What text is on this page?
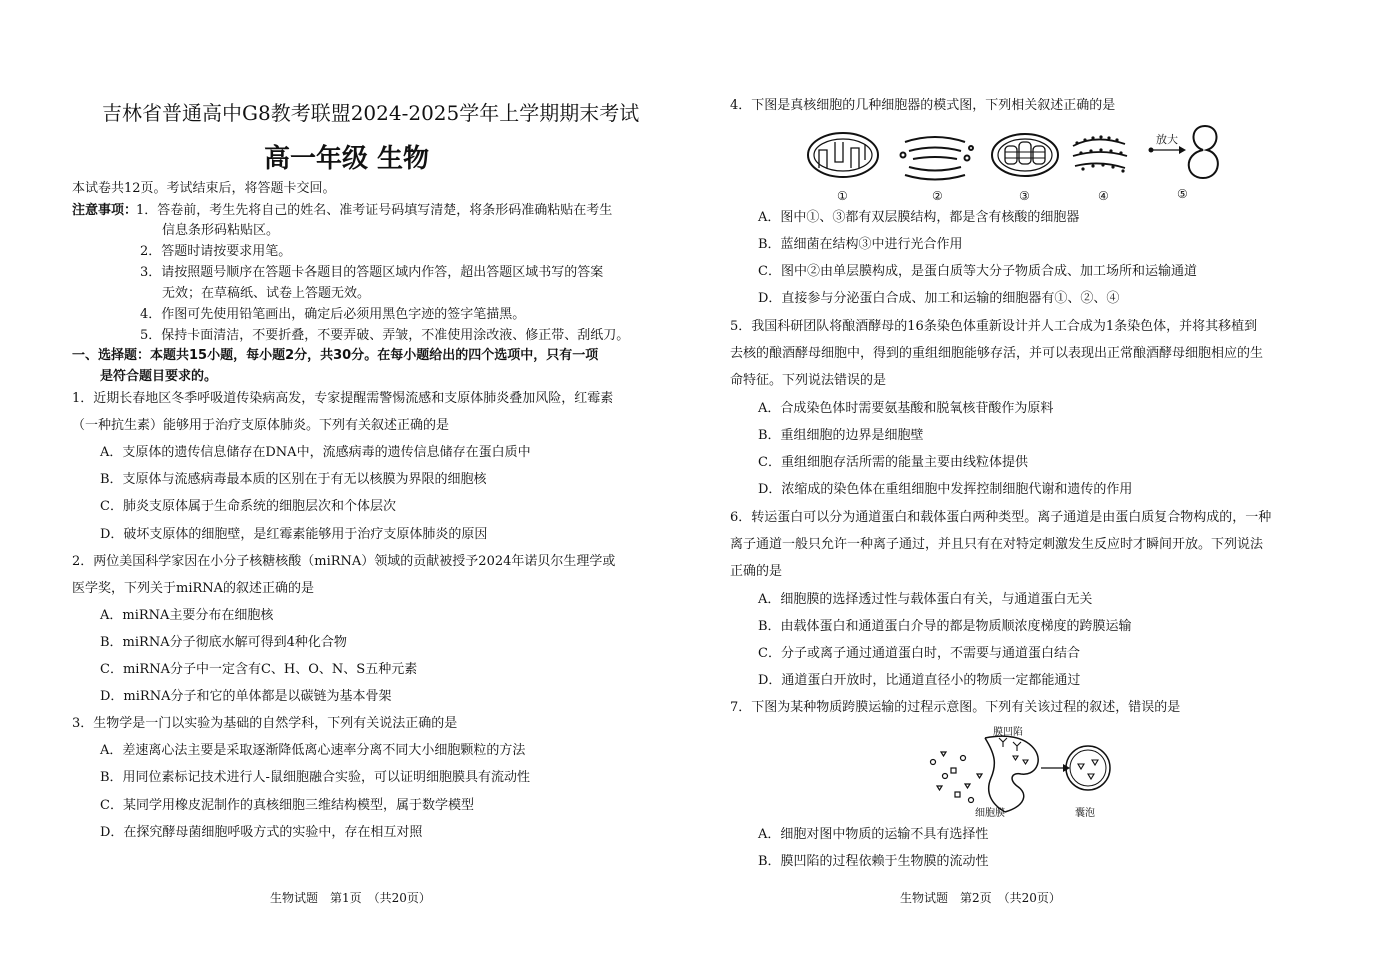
吉林省普通高中G8教考联盟2024-2025学年上学期期末考试
高一年级 生物
本试卷共12页。考试结束后，将答题卡交回。
注意事项：
1．答卷前，考生先将自己的姓名、准考证号码填写清楚，将条形码准确粘贴在考生
信息条形码粘贴区。
2．答题时请按要求用笔。
3．请按照题号顺序在答题卡各题目的答题区域内作答，超出答题区域书写的答案
无效；在草稿纸、试卷上答题无效。
4．作图可先使用铅笔画出，确定后必须用黑色字迹的签字笔描黑。
5．保持卡面清洁，不要折叠，不要弄破、弄皱，不准使用涂改液、修正带、刮纸刀。
一、选择题：本题共15小题，每小题2分，共30分。在每小题给出的四个选项中，只有一项
是符合题目要求的。
1．近期长春地区冬季呼吸道传染病高发，专家提醒需警惕流感和支原体肺炎叠加风险，红霉素
（一种抗生素）能够用于治疗支原体肺炎。下列有关叙述正确的是
A．支原体的遗传信息储存在DNA中，流感病毒的遗传信息储存在蛋白质中
B．支原体与流感病毒最本质的区别在于有无以核膜为界限的细胞核
C．肺炎支原体属于生命系统的细胞层次和个体层次
D．破坏支原体的细胞壁，是红霉素能够用于治疗支原体肺炎的原因
2．两位美国科学家因在小分子核糖核酸（miRNA）领域的贡献被授予2024年诺贝尔生理学或
医学奖，下列关于miRNA的叙述正确的是
A．miRNA主要分布在细胞核
B．miRNA分子彻底水解可得到4种化合物
C．miRNA分子中一定含有C、H、O、N、S五种元素
D．miRNA分子和它的单体都是以碳链为基本骨架
3．生物学是一门以实验为基础的自然学科，下列有关说法正确的是
A．差速离心法主要是采取逐渐降低离心速率分离不同大小细胞颗粒的方法
B．用同位素标记技术进行人-鼠细胞融合实验，可以证明细胞膜具有流动性
C．某同学用橡皮泥制作的真核细胞三维结构模型，属于数学模型
D．在探究酵母菌细胞呼吸方式的实验中，存在相互对照
生物试题　第1页　（共20页）
4．下图是真核细胞的几种细胞器的模式图，下列相关叙述正确的是
放大
①	②	③	④	⑤
A．图中①、③都有双层膜结构，都是含有核酸的细胞器
B．蓝细菌在结构③中进行光合作用
C．图中②由单层膜构成，是蛋白质等大分子物质合成、加工场所和运输通道
D．直接参与分泌蛋白合成、加工和运输的细胞器有①、②、④
5．我国科研团队将酿酒酵母的16条染色体重新设计并人工合成为1条染色体，并将其移植到
去核的酿酒酵母细胞中，得到的重组细胞能够存活，并可以表现出正常酿酒酵母细胞相应的生
命特征。下列说法错误的是
A．合成染色体时需要氨基酸和脱氧核苷酸作为原料
B．重组细胞的边界是细胞壁
C．重组细胞存活所需的能量主要由线粒体提供
D．浓缩成的染色体在重组细胞中发挥控制细胞代谢和遗传的作用
6．转运蛋白可以分为通道蛋白和载体蛋白两种类型。离子通道是由蛋白质复合物构成的，一种
离子通道一般只允许一种离子通过，并且只有在对特定刺激发生反应时才瞬间开放。下列说法
正确的是
A．细胞膜的选择透过性与载体蛋白有关，与通道蛋白无关
B．由载体蛋白和通道蛋白介导的都是物质顺浓度梯度的跨膜运输
C．分子或离子通过通道蛋白时，不需要与通道蛋白结合
D．通道蛋白开放时，比通道直径小的物质一定都能通过
7．下图为某种物质跨膜运输的过程示意图。下列有关该过程的叙述，错误的是
膜凹陷
细胞膜	囊泡
A．细胞对图中物质的运输不具有选择性
B．膜凹陷的过程依赖于生物膜的流动性
生物试题　第2页　（共20页）
